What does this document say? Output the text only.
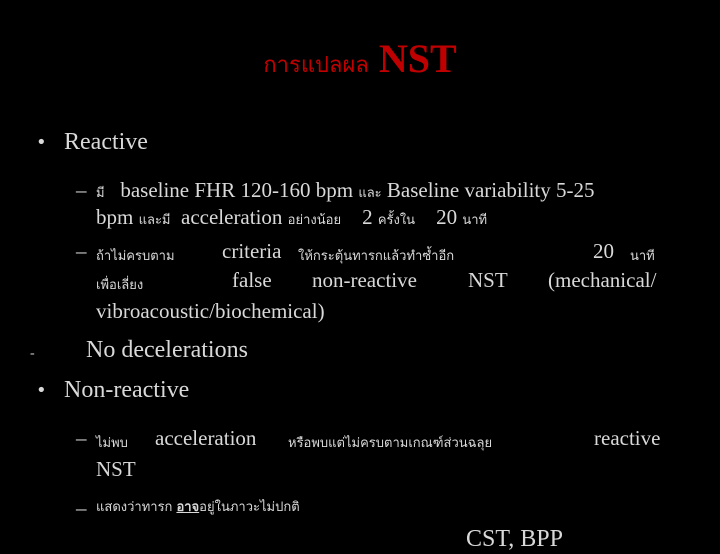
การแปลผล NST
• Reactive
– มี baseline FHR 120-160 bpm และ Baseline variability 5-25
bpm และมี acceleration อย่างน้อย 2 ครั้งใน 20 นาที
– ถ้าไม่ครบตาม criteria ให้กระตุ้นทารกแล้วทำซ้ำอีก	20 นาที
เพื่อเลี่ยง	false non-reactive NST (mechanical/
vibroacoustic/biochemical)
- No decelerations
• Non-reactive
– ไม่พบ acceleration หรือพบแต่ไม่ครบตามเกณฑ์ส่วนฉลุย	reactive
NST
– แสดงว่าทารก อาจอยู่ในภาวะไม่ปกติ
CST, BPP
